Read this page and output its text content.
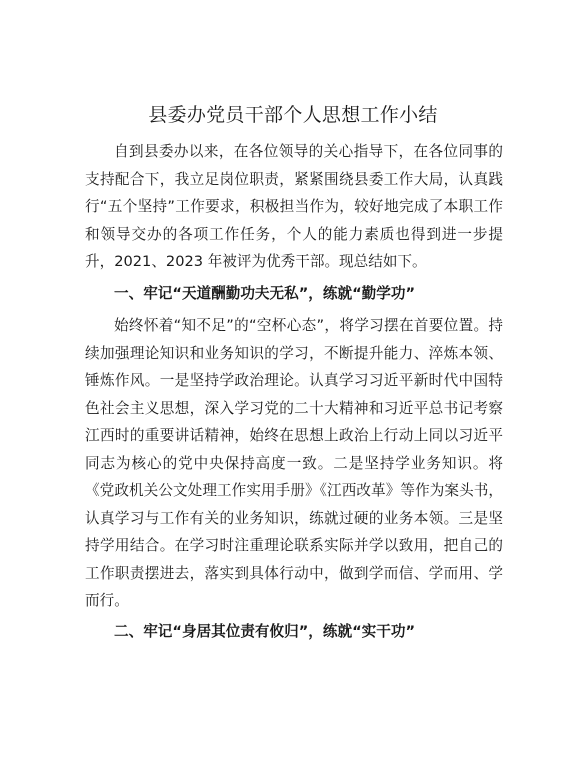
县委办党员干部个人思想工作小结

自到县委办以来，在各位领导的关心指导下，在各位同事的支持配合下，我立足岗位职责，紧紧围绕县委工作大局，认真践行“五个坚持”工作要求，积极担当作为，较好地完成了本职工作和领导交办的各项工作任务，个人的能力素质也得到进一步提升，2021、2023 年被评为优秀干部。现总结如下。

一、牢记“天道酬勤功夫无私”，练就“勤学功”

始终怀着“知不足”的“空杯心态”，将学习摆在首要位置。持续加强理论知识和业务知识的学习，不断提升能力、淬炼本领、锤炼作风。一是坚持学政治理论。认真学习习近平新时代中国特色社会主义思想，深入学习党的二十大精神和习近平总书记考察江西时的重要讲话精神，始终在思想上政治上行动上同以习近平同志为核心的党中央保持高度一致。二是坚持学业务知识。将《党政机关公文处理工作实用手册》《江西改革》等作为案头书，认真学习与工作有关的业务知识，练就过硬的业务本领。三是坚持学用结合。在学习时注重理论联系实际并学以致用，把自己的工作职责摆进去，落实到具体行动中，做到学而信、学而用、学而行。

二、牢记“身居其位责有攸归”，练就“实干功”
